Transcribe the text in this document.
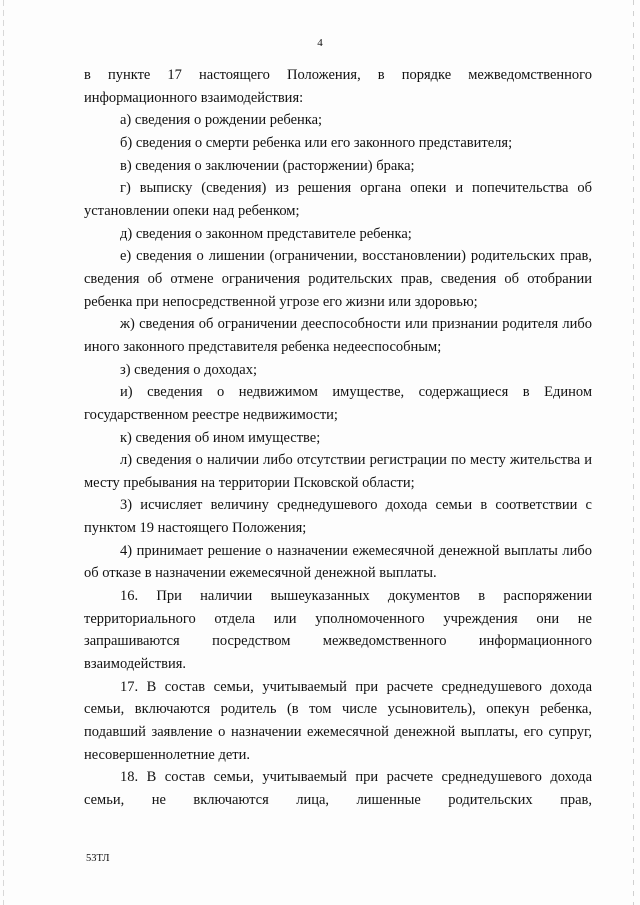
4

в пункте 17 настоящего Положения, в порядке межведомственного информационного взаимодействия:

а) сведения о рождении ребенка;

б) сведения о смерти ребенка или его законного представителя;

в) сведения о заключении (расторжении) брака;

г) выписку (сведения) из решения органа опеки и попечительства об установлении опеки над ребенком;

д) сведения о законном представителе ребенка;

е) сведения о лишении (ограничении, восстановлении) родительских прав, сведения об отмене ограничения родительских прав, сведения об отобрании ребенка при непосредственной угрозе его жизни или здоровью;

ж) сведения об ограничении дееспособности или признании родителя либо иного законного представителя ребенка недееспособным;

з) сведения о доходах;

и) сведения о недвижимом имуществе, содержащиеся в Едином государственном реестре недвижимости;

к) сведения об ином имуществе;

л) сведения о наличии либо отсутствии регистрации по месту жительства и месту пребывания на территории Псковской области;

3) исчисляет величину среднедушевого дохода семьи в соответствии с пунктом 19 настоящего Положения;

4) принимает решение о назначении ежемесячной денежной выплаты либо об отказе в назначении ежемесячной денежной выплаты.

16. При наличии вышеуказанных документов в распоряжении территориального отдела или уполномоченного учреждения они не запрашиваются посредством межведомственного информационного взаимодействия.

17. В состав семьи, учитываемый при расчете среднедушевого дохода семьи, включаются родитель (в том числе усыновитель), опекун ребенка, подавший заявление о назначении ежемесячной денежной выплаты, его супруг, несовершеннолетние дети.

18. В состав семьи, учитываемый при расчете среднедушевого дохода семьи, не включаются лица, лишенные родительских прав,

53ТЛ
